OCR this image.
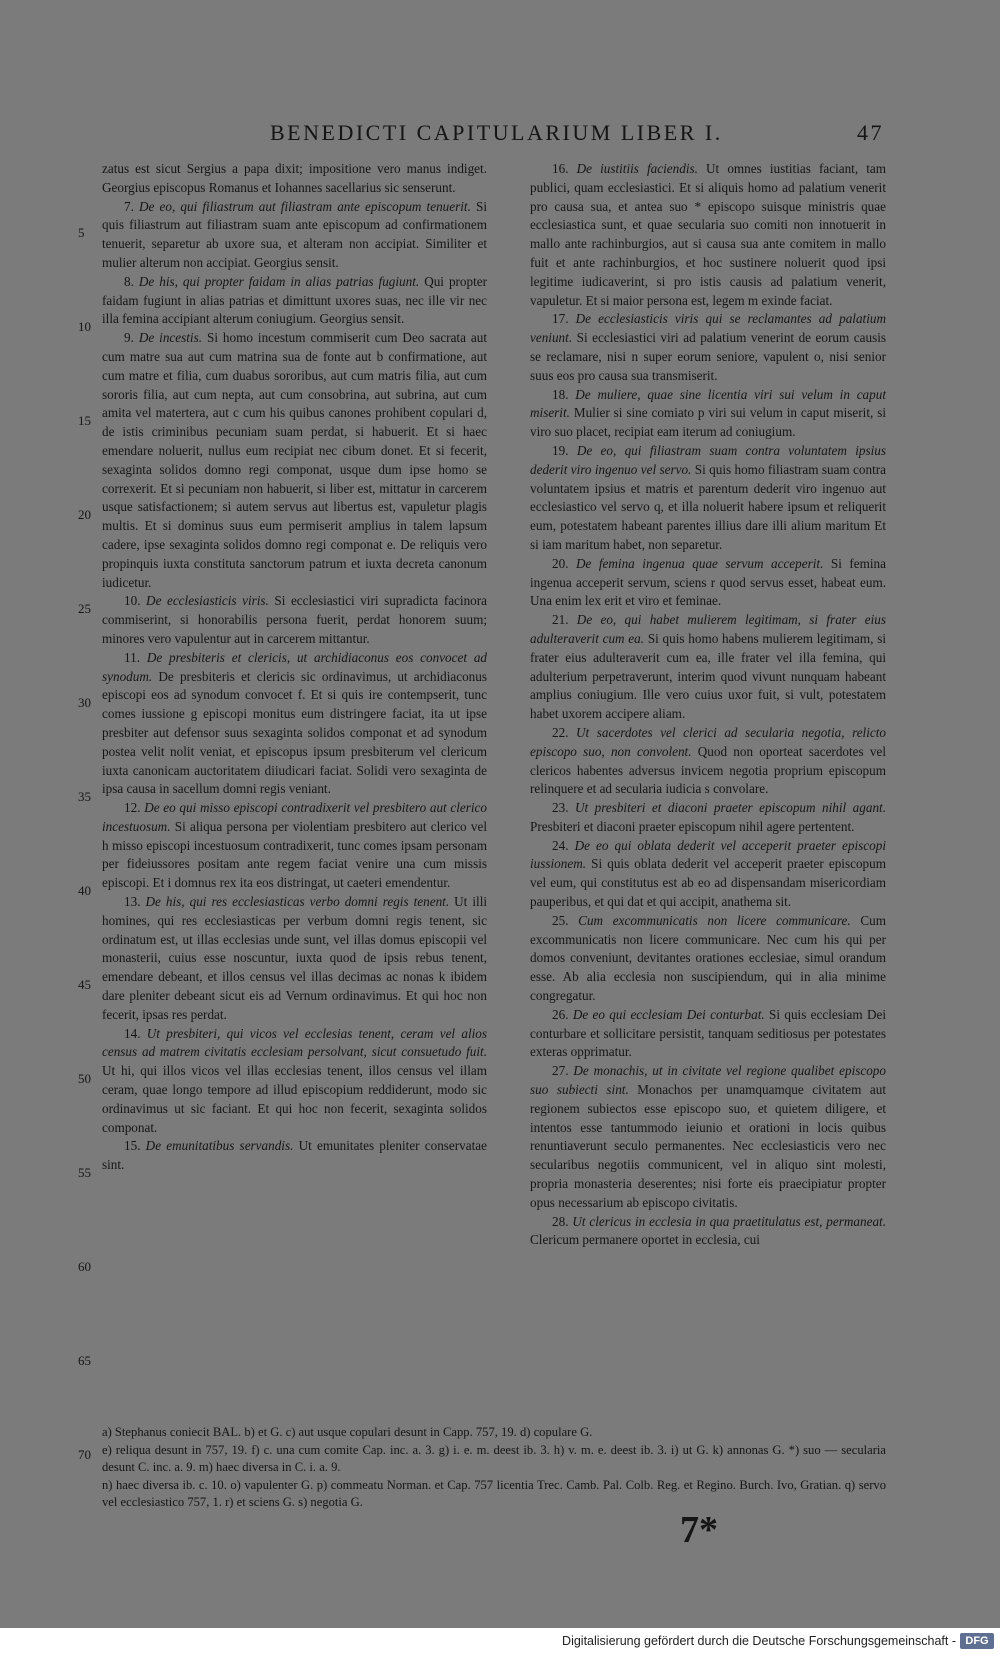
BENEDICTI CAPITULARIUM LIBER I.	47
5
10
15
20
25
30
35
40
45
50
55
60
65
70

zatus est sicut Sergius a papa dixit; impositione vero manus indiget. Georgius episcopus Romanus et Iohannes sacellarius sic senserunt.

7. De eo, qui filiastrum aut filiastram ante episcopum tenuerit. Si quis filiastrum aut filiastram suam ante episcopum ad confirmationem tenuerit, separetur ab uxore sua, et alteram non accipiat. Similiter et mulier alterum non accipiat. Georgius sensit.

8. De his, qui propter faidam in alias patrias fugiunt. Qui propter faidam fugiunt in alias patrias et dimittunt uxores suas, nec ille vir nec illa femina accipiant alterum coniugium. Georgius sensit.

9. De incestis. Si homo incestum commiserit cum Deo sacrata aut cum matre sua aut cum matrina sua de fonte aut b confirmatione, aut cum matre et filia, cum duabus sororibus, aut cum matris filia, aut cum sororis filia, aut cum nepta, aut cum consobrina, aut subrina, aut cum amita vel matertera, aut c cum his quibus canones prohibent copulari d, de istis criminibus pecuniam suam perdat, si habuerit. Et si haec emendare noluerit, nullus eum recipiat nec cibum donet. Et si fecerit, sexaginta solidos domno regi componat, usque dum ipse homo se correxerit. Et si pecuniam non habuerit, si liber est, mittatur in carcerem usque satisfactionem; si autem servus aut libertus est, vapuletur plagis multis. Et si dominus suus eum permiserit amplius in talem lapsum cadere, ipse sexaginta solidos domno regi componat e. De reliquis vero propinquis iuxta constituta sanctorum patrum et iuxta decreta canonum iudicetur.

10. De ecclesiasticis viris. Si ecclesiastici viri supradicta facinora commiserint, si honorabilis persona fuerit, perdat honorem suum; minores vero vapulentur aut in carcerem mittantur.

11. De presbiteris et clericis, ut archidiaconus eos convocet ad synodum. De presbiteris et clericis sic ordinavimus, ut archidiaconus episcopi eos ad synodum convocet f. Et si quis ire contempserit, tunc comes iussione g episcopi monitus eum distringere faciat, ita ut ipse presbiter aut defensor suus sexaginta solidos componat et ad synodum postea velit nolit veniat, et episcopus ipsum presbiterum vel clericum iuxta canonicam auctoritatem diiudicari faciat. Solidi vero sexaginta de ipsa causa in sacellum domni regis veniant.

12. De eo qui misso episcopi contradixerit vel presbitero aut clerico incestuosum. Si aliqua persona per violentiam presbitero aut clerico vel h misso episcopi incestuosum contradixerit, tunc comes ipsam personam per fideiussores positam ante regem faciat venire una cum missis episcopi. Et i domnus rex ita eos distringat, ut caeteri emendentur.

13. De his, qui res ecclesiasticas verbo domni regis tenent. Ut illi homines, qui res ecclesiasticas per verbum domni regis tenent, sic ordinatum est, ut illas ecclesias unde sunt, vel illas domus episcopii vel monasterii, cuius esse noscuntur, iuxta quod de ipsis rebus tenent, emendare debeant, et illos census vel illas decimas ac nonas k ibidem dare pleniter debeant sicut eis ad Vernum ordinavimus. Et qui hoc non fecerit, ipsas res perdat.

14. Ut presbiteri, qui vicos vel ecclesias tenent, ceram vel alios census ad matrem civitatis ecclesiam persolvant, sicut consuetudo fuit. Ut hi, qui illos vicos vel illas ecclesias tenent, illos census vel illam ceram, quae longo tempore ad illud episcopium reddiderunt, modo sic ordinavimus ut sic faciant. Et qui hoc non fecerit, sexaginta solidos componat.

15. De emunitatibus servandis. Ut emunitates pleniter conservatae sint.

16. De iustitiis faciendis. Ut omnes iustitias faciant, tam publici, quam ecclesiastici. Et si aliquis homo ad palatium venerit pro causa sua, et antea suo * episcopo suisque ministris quae ecclesiastica sunt, et quae secularia suo comiti non innotuerit in mallo ante rachinburgios, aut si causa sua ante comitem in mallo fuit et ante rachinburgios, et hoc sustinere noluerit quod ipsi legitime iudicaverint, si pro istis causis ad palatium venerit, vapuletur. Et si maior persona est, legem m exinde faciat.

17. De ecclesiasticis viris qui se reclamantes ad palatium veniunt. Si ecclesiastici viri ad palatium venerint de eorum causis se reclamare, nisi n super eorum seniore, vapulent o, nisi senior suus eos pro causa sua transmiserit.

18. De muliere, quae sine licentia viri sui velum in caput miserit. Mulier si sine comiato p viri sui velum in caput miserit, si viro suo placet, recipiat eam iterum ad coniugium.

19. De eo, qui filiastram suam contra voluntatem ipsius dederit viro ingenuo vel servo. Si quis homo filiastram suam contra voluntatem ipsius et matris et parentum dederit viro ingenuo aut ecclesiastico vel servo q, et illa noluerit habere ipsum et reliquerit eum, potestatem habeant parentes illius dare illi alium maritum Et si iam maritum habet, non separetur.

20. De femina ingenua quae servum acceperit. Si femina ingenua acceperit servum, sciens r quod servus esset, habeat eum. Una enim lex erit et viro et feminae.

21. De eo, qui habet mulierem legitimam, si frater eius adulteraverit cum ea. Si quis homo habens mulierem legitimam, si frater eius adulteraverit cum ea, ille frater vel illa femina, qui adulterium perpetraverunt, interim quod vivunt nunquam habeant amplius coniugium. Ille vero cuius uxor fuit, si vult, potestatem habet uxorem accipere aliam.

22. Ut sacerdotes vel clerici ad secularia negotia, relicto episcopo suo, non convolent. Quod non oporteat sacerdotes vel clericos habentes adversus invicem negotia proprium episcopum relinquere et ad secularia iudicia s convolare.

23. Ut presbiteri et diaconi praeter episcopum nihil agant. Presbiteri et diaconi praeter episcopum nihil agere pertentent.

24. De eo qui oblata dederit vel acceperit praeter episcopi iussionem. Si quis oblata dederit vel acceperit praeter episcopum vel eum, qui constitutus est ab eo ad dispensandam misericordiam pauperibus, et qui dat et qui accipit, anathema sit.

25. Cum excommunicatis non licere communicare. Cum excommunicatis non licere communicare. Nec cum his qui per domos conveniunt, devitantes orationes ecclesiae, simul orandum esse. Ab alia ecclesia non suscipiendum, qui in alia minime congregatur.

26. De eo qui ecclesiam Dei conturbat. Si quis ecclesiam Dei conturbare et sollicitare persistit, tanquam seditiosus per potestates exteras opprimatur.

27. De monachis, ut in civitate vel regione qualibet episcopo suo subiecti sint. Monachos per unamquamque civitatem aut regionem subiectos esse episcopo suo, et quietem diligere, et intentos esse tantummodo ieiunio et orationi in locis quibus renuntiaverunt seculo permanentes. Nec ecclesiasticis vero nec secularibus negotiis communicent, vel in aliquo sint molesti, propria monasteria deserentes; nisi forte eis praecipiatur propter opus necessarium ab episcopo civitatis.

28. Ut clericus in ecclesia in qua praetitulatus est, permaneat. Clericum permanere oportet in ecclesia, cui

a) Stephanus coniecit BAL. b) et G. c) aut usque copulari desunt in Capp. 757, 19. d) copulare G.

e) reliqua desunt in 757, 19. f) c. una cum comite Cap. inc. a. 3. g) i. e. m. deest ib. 3. h) v. m. e. deest ib. 3. i) ut G. k) annonas G. *) suo — secularia desunt C. inc. a. 9. m) haec diversa in C. i. a. 9.

n) haec diversa ib. c. 10. o) vapulenter G. p) commeatu Norman. et Cap. 757 licentia Trec. Camb. Pal. Colb. Reg. et Regino. Burch. Ivo, Gratian. q) servo vel ecclesiastico 757, 1. r) et sciens G. s) negotia G.

7*
Digitalisierung gefördert durch die Deutsche Forschungsgemeinschaft - DFG
